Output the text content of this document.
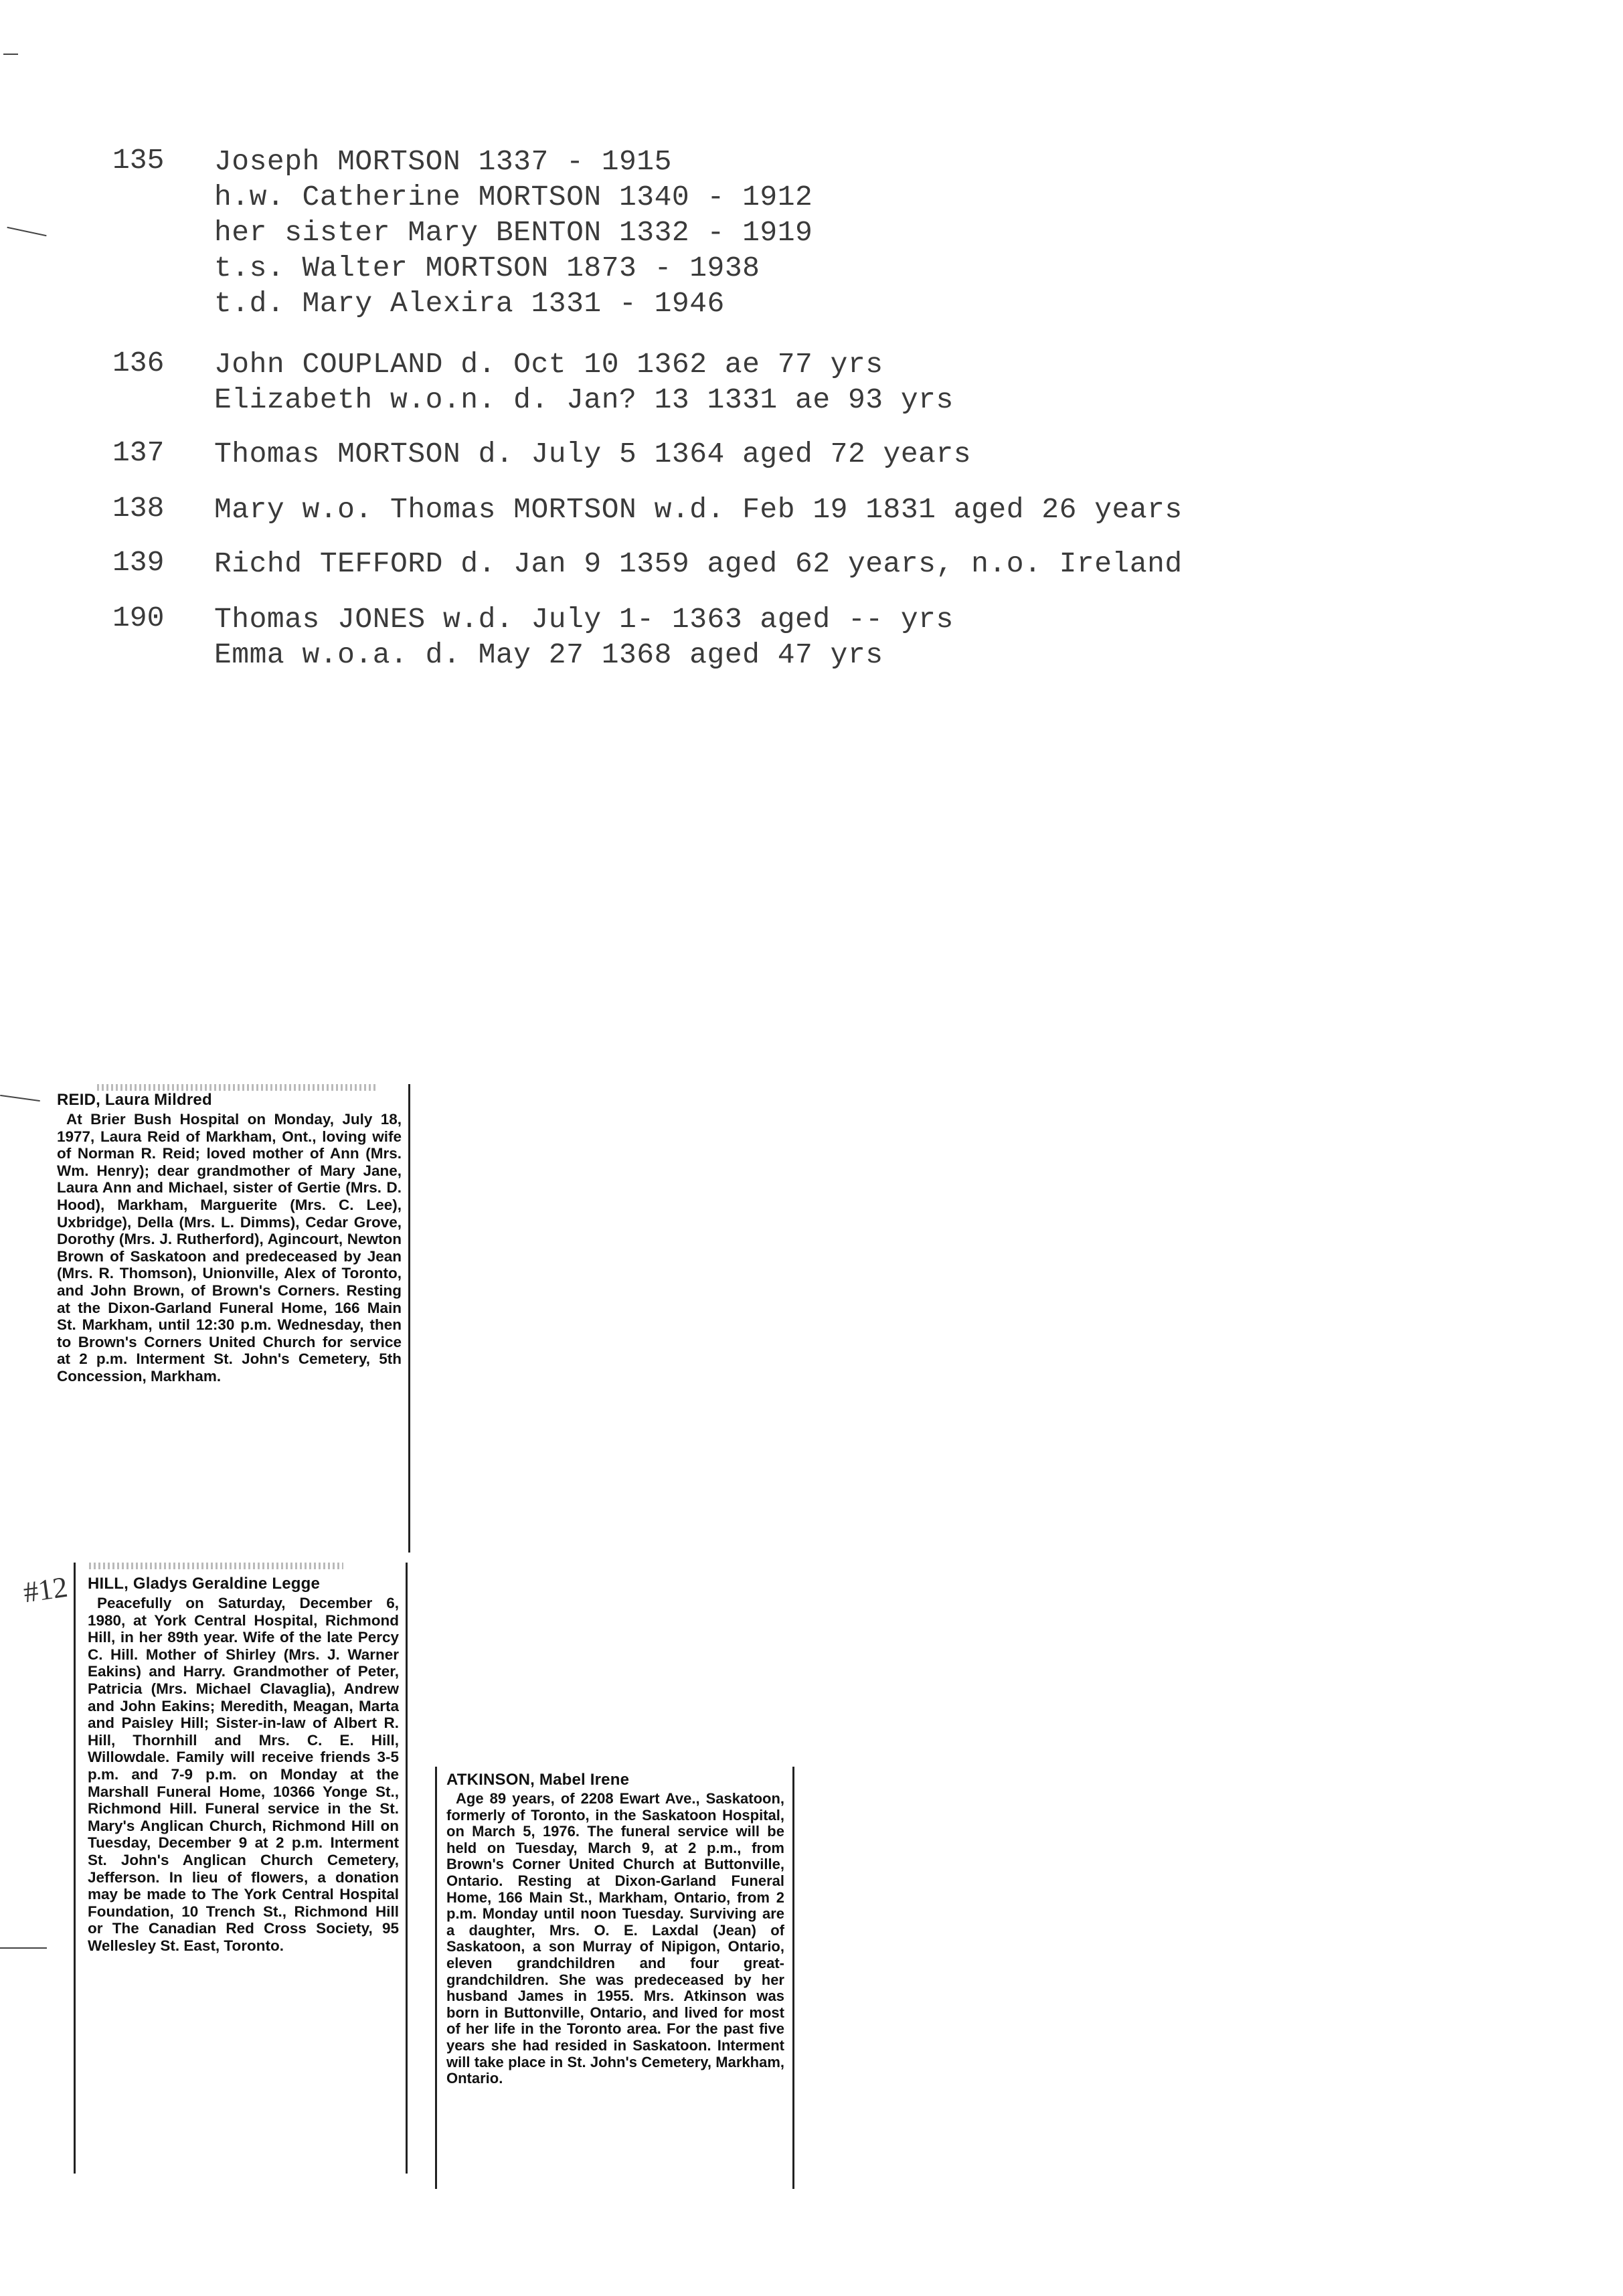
135	Joseph MORTSON 1337 - 1915
h.w. Catherine MORTSON 1340 - 1912
her sister Mary BENTON 1332 - 1919
t.s. Walter MORTSON 1873 - 1938
t.d. Mary Alexira 1331 - 1946
136	John COUPLAND d. Oct 10 1362 ae 77 yrs
Elizabeth w.o.n. d. Jan? 13 1331 ae 93 yrs
137	Thomas MORTSON d. July 5 1364 aged 72 years
138	Mary w.o. Thomas MORTSON w.d. Feb 19 1831 aged 26 years
139	Richd TEFFORD d. Jan 9 1359 aged 62 years, n.o. Ireland
190	Thomas JONES w.d. July 1- 1363 aged -- yrs
Emma w.o.a. d. May 27 1368 aged 47 yrs
REID, Laura Mildred

At Brier Bush Hospital on Monday, July 18, 1977, Laura Reid of Markham, Ont., loving wife of Norman R. Reid; loved mother of Ann (Mrs. Wm. Henry); dear grandmother of Mary Jane, Laura Ann and Michael, sister of Gertie (Mrs. D. Hood), Markham, Marguerite (Mrs. C. Lee), Uxbridge), Della (Mrs. L. Dimms), Cedar Grove, Dorothy (Mrs. J. Rutherford), Agincourt, Newton Brown of Saskatoon and predeceased by Jean (Mrs. R. Thomson), Unionville, Alex of Toronto, and John Brown, of Brown's Corners. Resting at the Dixon-Garland Funeral Home, 166 Main St. Markham, until 12:30 p.m. Wednesday, then to Brown's Corners United Church for service at 2 p.m. Interment St. John's Cemetery, 5th Concession, Markham.

#12 HILL, Gladys Geraldine Legge

Peacefully on Saturday, December 6, 1980, at York Central Hospital, Richmond Hill, in her 89th year. Wife of the late Percy C. Hill. Mother of Shirley (Mrs. J. Warner Eakins) and Harry. Grandmother of Peter, Patricia (Mrs. Michael Clavaglia), Andrew and John Eakins; Meredith, Meagan, Marta and Paisley Hill; Sister-in-law of Albert R. Hill, Thornhill and Mrs. C. E. Hill, Willowdale. Family will receive friends 3-5 p.m. and 7-9 p.m. on Monday at the Marshall Funeral Home, 10366 Yonge St., Richmond Hill. Funeral service in the St. Mary's Anglican Church, Richmond Hill on Tuesday, December 9 at 2 p.m. Interment St. John's Anglican Church Cemetery, Jefferson. In lieu of flowers, a donation may be made to The York Central Hospital Foundation, 10 Trench St., Richmond Hill or The Canadian Red Cross Society, 95 Wellesley St. East, Toronto.

ATKINSON, Mabel Irene

Age 89 years, of 2208 Ewart Ave., Saskatoon, formerly of Toronto, in the Saskatoon Hospital, on March 5, 1976. The funeral service will be held on Tuesday, March 9, at 2 p.m., from Brown's Corner United Church at Buttonville, Ontario. Resting at Dixon-Garland Funeral Home, 166 Main St., Markham, Ontario, from 2 p.m. Monday until noon Tuesday. Surviving are a daughter, Mrs. O. E. Laxdal (Jean) of Saskatoon, a son Murray of Nipigon, Ontario, eleven grandchildren and four great-grandchildren. She was predeceased by her husband James in 1955. Mrs. Atkinson was born in Buttonville, Ontario, and lived for most of her life in the Toronto area. For the past five years she had resided in Saskatoon. Interment will take place in St. John's Cemetery, Markham, Ontario.
